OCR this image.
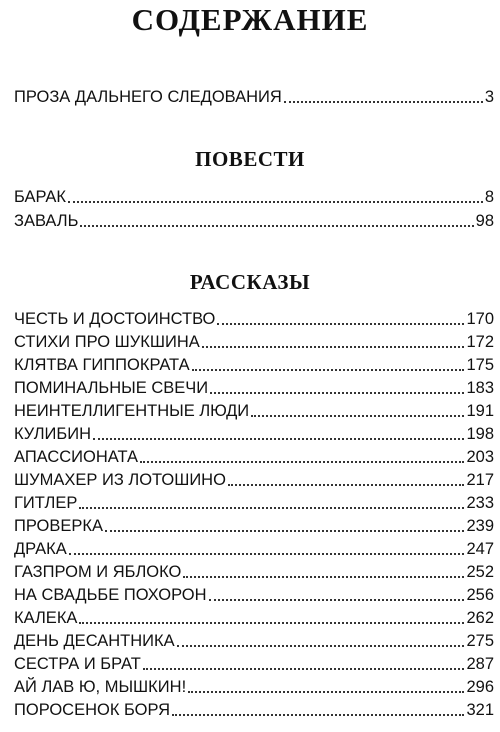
СОДЕРЖАНИЕ
ПРОЗА ДАЛЬНЕГО СЛЕДОВАНИЯ	3
ПОВЕСТИ
БАРАК	8
ЗАВАЛЬ	98
РАССКАЗЫ
ЧЕСТЬ И ДОСТОИНСТВО	170
СТИХИ ПРО ШУКШИНА	172
КЛЯТВА ГИППОКРАТА	175
ПОМИНАЛЬНЫЕ СВЕЧИ	183
НЕИНТЕЛЛИГЕНТНЫЕ ЛЮДИ	191
КУЛИБИН	198
АПАССИОНАТА	203
ШУМАХЕР ИЗ ЛОТОШИНО	217
ГИТЛЕР	233
ПРОВЕРКА	239
ДРАКА	247
ГАЗПРОМ И ЯБЛОКО	252
НА СВАДЬБЕ ПОХОРОН	256
КАЛЕКА	262
ДЕНЬ ДЕСАНТНИКА	275
СЕСТРА И БРАТ	287
АЙ ЛАВ Ю, МЫШКИН!	296
ПОРОСЕНОК БОРЯ	321
